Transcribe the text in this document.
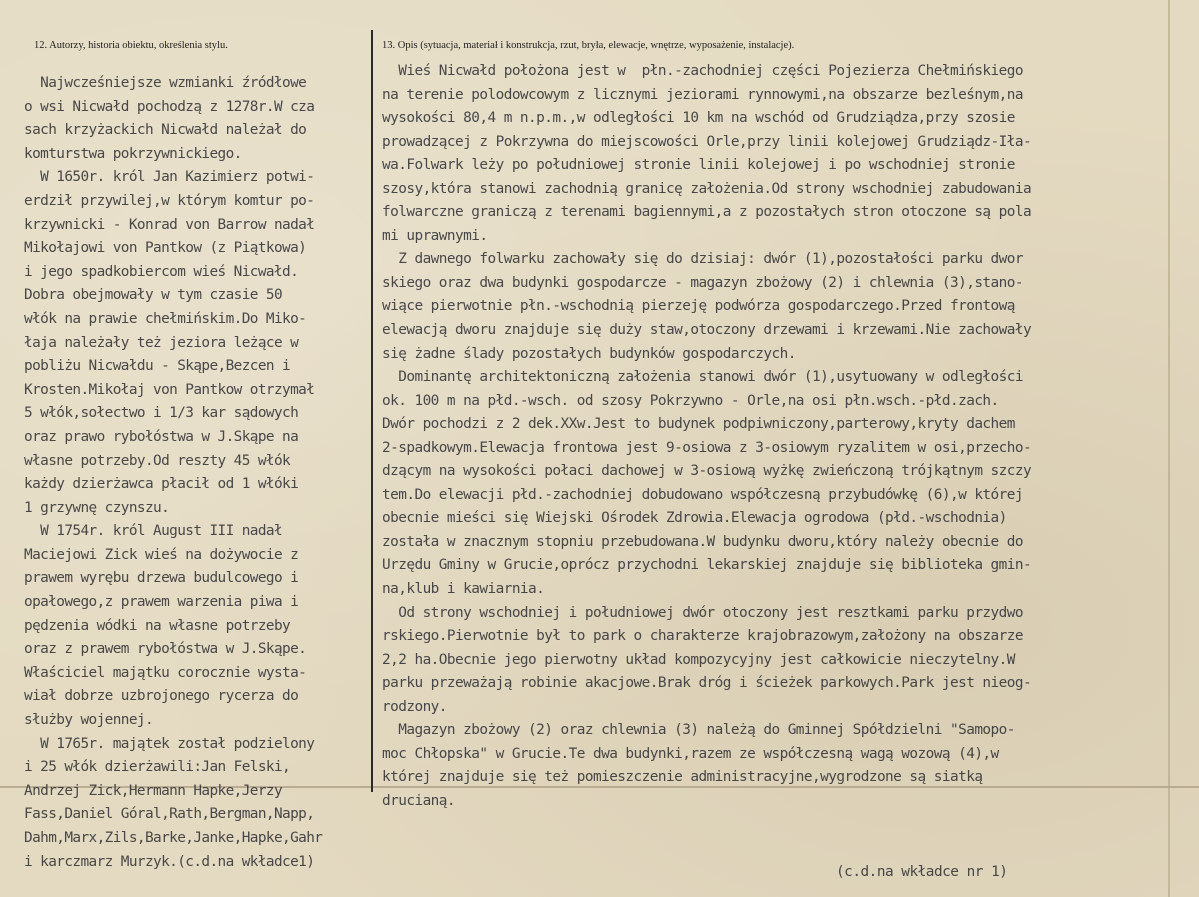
12. Autorzy, historia obiektu, określenia stylu.	13. Opis (sytuacja, materiał i konstrukcja, rzut, bryła, elewacje, wnętrze, wyposażenie, instalacje).
Najwcześniejsze wzmianki źródłowe
o wsi Nicwałd pochodzą z 1278r.W cza
sach krzyżackich Nicwałd należał do
komturstwa pokrzywnickiego.
W 1650r. król Jan Kazimierz potwi-
erdził przywilej,w którym komtur po-
krzywnicki - Konrad von Barrow nadał
Mikołajowi von Pantkow (z Piątkowa)
i jego spadkobiercom wieś Nicwałd.
Dobra obejmowały w tym czasie 50
włók na prawie chełmińskim.Do Miko-
łaja należały też jeziora leżące w
pobliżu Nicwałdu - Skąpe,Bezcen i
Krosten.Mikołaj von Pantkow otrzymał
5 włók,sołectwo i 1/3 kar sądowych
oraz prawo rybołóstwa w J.Skąpe na
własne potrzeby.Od reszty 45 włók
każdy dzierżawca płacił od 1 włóki
1 grzywnę czynszu.
W 1754r. król August III nadał
Maciejowi Zick wieś na dożywocie z
prawem wyrębu drzewa budulcowego i
opałowego,z prawem warzenia piwa i
pędzenia wódki na własne potrzeby
oraz z prawem rybołóstwa w J.Skąpe.
Właściciel majątku corocznie wysta-
wiał dobrze uzbrojonego rycerza do
służby wojennej.
W 1765r. majątek został podzielony
i 25 włók dzierżawili:Jan Felski,
Andrzej Zick,Hermann Hapke,Jerzy
Fass,Daniel Góral,Rath,Bergman,Napp,
Dahm,Marx,Zils,Barke,Janke,Hapke,Gahr
i karczmarz Murzyk.(c.d.na wkładce1)
Wieś Nicwałd położona jest w  płn.-zachodniej części Pojezierza Chełmińskiego
na terenie polodowcowym z licznymi jeziorami rynnowymi,na obszarze bezleśnym,na
wysokości 80,4 m n.p.m.,w odległości 10 km na wschód od Grudziądza,przy szosie
prowadzącej z Pokrzywna do miejscowości Orle,przy linii kolejowej Grudziądz-Iła-
wa.Folwark leży po południowej stronie linii kolejowej i po wschodniej stronie
szosy,która stanowi zachodnią granicę założenia.Od strony wschodniej zabudowania
folwarczne graniczą z terenami bagiennymi,a z pozostałych stron otoczone są pola
mi uprawnymi.
Z dawnego folwarku zachowały się do dzisiaj: dwór (1),pozostałości parku dwor
skiego oraz dwa budynki gospodarcze - magazyn zbożowy (2) i chlewnia (3),stano-
wiące pierwotnie płn.-wschodnią pierzeję podwórza gospodarczego.Przed frontową
elewacją dworu znajduje się duży staw,otoczony drzewami i krzewami.Nie zachowały
się żadne ślady pozostałych budynków gospodarczych.
Dominantę architektoniczną założenia stanowi dwór (1),usytuowany w odległości
ok. 100 m na płd.-wsch. od szosy Pokrzywno - Orle,na osi płn.wsch.-płd.zach.
Dwór pochodzi z 2 dek.XXw.Jest to budynek podpiwniczony,parterowy,kryty dachem
2-spadkowym.Elewacja frontowa jest 9-osiowa z 3-osiowym ryzalitem w osi,przecho-
dzącym na wysokości połaci dachowej w 3-osiową wyżkę zwieńczoną trójkątnym szczy
tem.Do elewacji płd.-zachodniej dobudowano współczesną przybudówkę (6),w której
obecnie mieści się Wiejski Ośrodek Zdrowia.Elewacja ogrodowa (płd.-wschodnia)
została w znacznym stopniu przebudowana.W budynku dworu,który należy obecnie do
Urzędu Gminy w Grucie,oprócz przychodni lekarskiej znajduje się biblioteka gmin-
na,klub i kawiarnia.
Od strony wschodniej i południowej dwór otoczony jest resztkami parku przydwo
rskiego.Pierwotnie był to park o charakterze krajobrazowym,założony na obszarze
2,2 ha.Obecnie jego pierwotny układ kompozycyjny jest całkowicie nieczytelny.W
parku przeważają robinie akacjowe.Brak dróg i ścieżek parkowych.Park jest nieog-
rodzony.
Magazyn zbożowy (2) oraz chlewnia (3) należą do Gminnej Spółdzielni "Samopo-
moc Chłopska" w Grucie.Te dwa budynki,razem ze współczesną wagą wozową (4),w
której znajduje się też pomieszczenie administracyjne,wygrodzone są siatką
drucianą.
(c.d.na wkładce nr 1)
